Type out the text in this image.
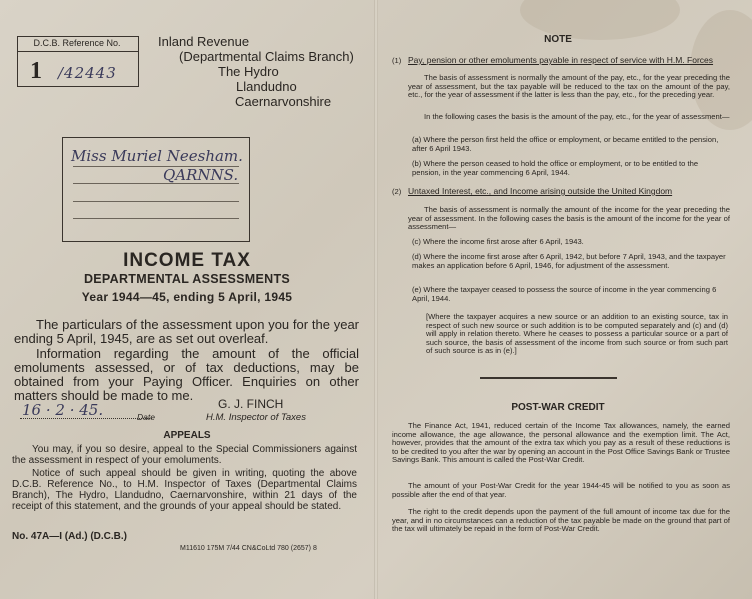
D.C.B. Reference No.
1 /42443
Inland Revenue
(Departmental Claims Branch)
The Hydro
Llandudno
Caernarvonshire
Miss Muriel Neesham.
QARNNS.
INCOME TAX
DEPARTMENTAL ASSESSMENTS
Year 1944—45, ending 5 April, 1945
The particulars of the assessment upon you for the year ending 5 April, 1945, are as set out overleaf.
Information regarding the amount of the official emoluments assessed, or of tax deductions, may be obtained from your Paying Officer. Enquiries on other matters should be made to me.
16 · 2 · 45.	Date
G. J. FINCH
H.M. Inspector of Taxes
APPEALS
You may, if you so desire, appeal to the Special Commissioners against the assessment in respect of your emoluments.
Notice of such appeal should be given in writing, quoting the above D.C.B. Reference No., to H.M. Inspector of Taxes (Departmental Claims Branch), The Hydro, Llandudno, Caernarvonshire, within 21 days of the receipt of this statement, and the grounds of your appeal should be stated.
No. 47A—I (Ad.) (D.C.B.)
M11610 175M 7/44 CN&CoLtd 780 (2657) 8
NOTE
(1) Pay, pension or other emoluments payable in respect of service with H.M. Forces
The basis of assessment is normally the amount of the pay, etc., for the year preceding the year of assessment, but the tax payable will be reduced to the tax on the amount of the pay, etc., for the year of assessment if the latter is less than the pay, etc., for the preceding year.
In the following cases the basis is the amount of the pay, etc., for the year of assessment—
(a) Where the person first held the office or employment, or became entitled to the pension, after 6 April 1943.
(b) Where the person ceased to hold the office or employment, or to be entitled to the pension, in the year commencing 6 April, 1944.
(2) Untaxed Interest, etc., and Income arising outside the United Kingdom
The basis of assessment is normally the amount of the income for the year preceding the year of assessment. In the following cases the basis is the amount of the income for the year of assessment—
(c) Where the income first arose after 6 April, 1943.
(d) Where the income first arose after 6 April, 1942, but before 7 April, 1943, and the taxpayer makes an application before 6 April, 1946, for adjustment of the assessment.
(e) Where the taxpayer ceased to possess the source of income in the year commencing 6 April, 1944.
[Where the taxpayer acquires a new source or an addition to an existing source, tax in respect of such new source or such addition is to be computed separately and (c) and (d) will apply in relation thereto. Where he ceases to possess a particular source or a part of such source, the basis of assessment of the income from such source or from such part of such source is as in (e).]
POST-WAR CREDIT
The Finance Act, 1941, reduced certain of the Income Tax allowances, namely, the earned income allowance, the age allowance, the personal allowance and the exemption limit. The Act, however, provides that the amount of the extra tax which you pay as a result of these reductions is to be credited to you after the war by opening an account in the Post Office Savings Bank or Trustee Savings Bank. This amount is called the Post-War Credit.
The amount of your Post-War Credit for the year 1944-45 will be notified to you as soon as possible after the end of that year.
The right to the credit depends upon the payment of the full amount of income tax due for the year, and in no circumstances can a reduction of the tax payable be made on the ground that part of the tax will ultimately be repaid in the form of Post-War Credit.
